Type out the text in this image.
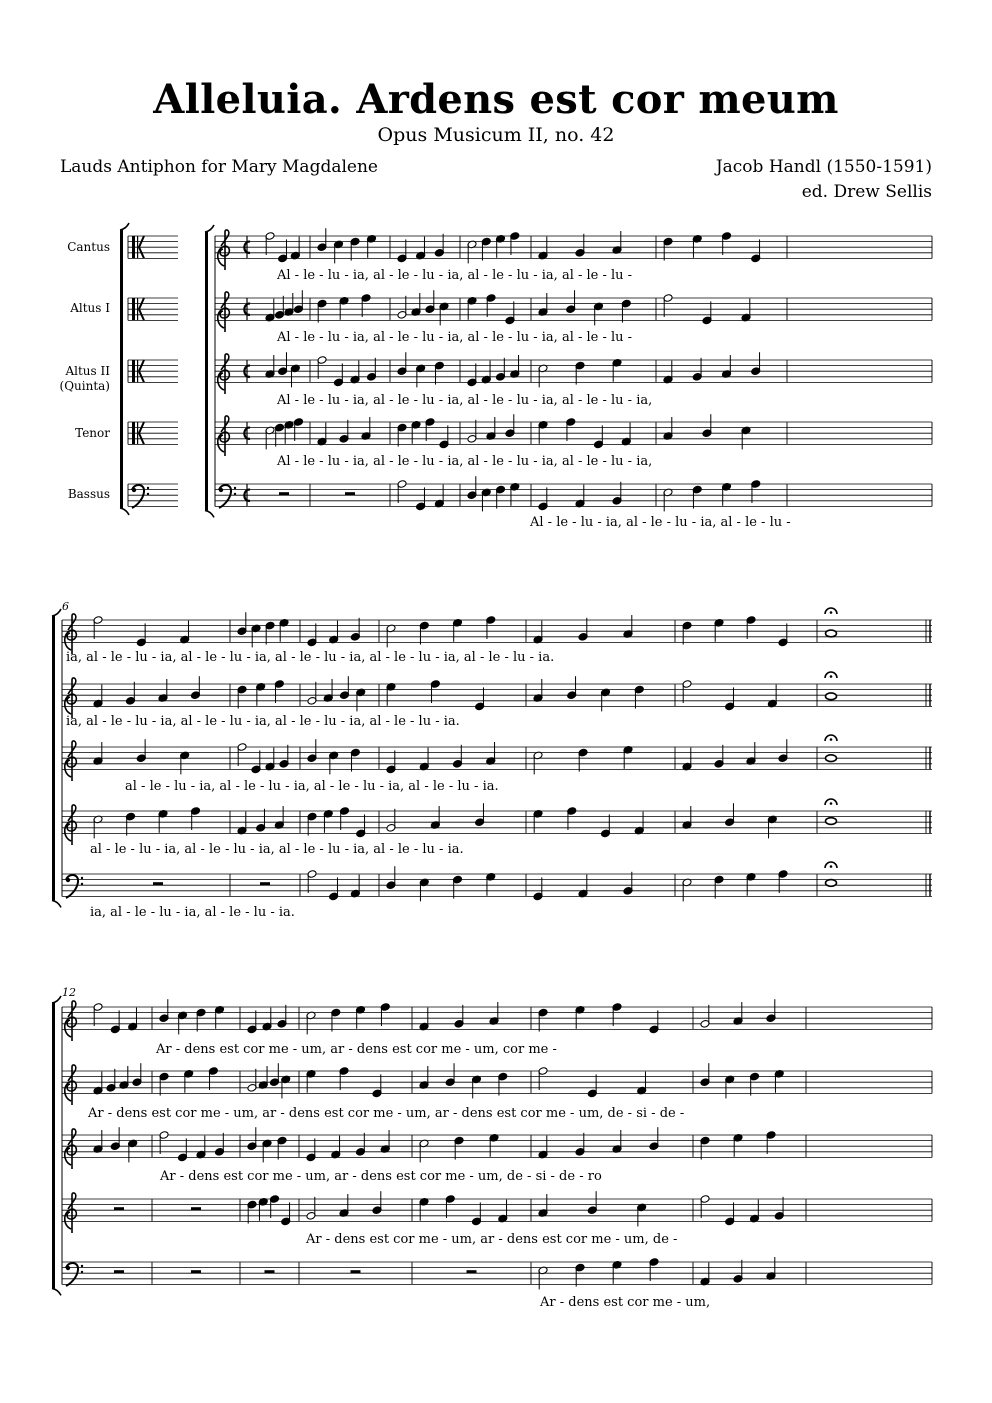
Alleluia. Ardens est cor meum
Opus Musicum II, no. 42
Lauds Antiphon for Mary Magdalene	Jacob Handl (1550-1591)
ed. Drew Sellis
Cantus
Altus I
Altus II
(Quinta)
Tenor
Bassus
Al - le - lu - ia, al - le - lu - ia, al - le - lu - ia, al - le - lu -
Al - le - lu - ia, al - le - lu - ia, al - le - lu - ia, al - le - lu -
Al - le - lu - ia, al - le - lu - ia, al - le - lu - ia, al - le - lu - ia,
Al - le - lu - ia, al - le - lu - ia, al - le - lu - ia, al - le - lu - ia,
Al - le - lu - ia, al - le - lu - ia, al - le - lu -
ia, al - le - lu - ia, al - le - lu - ia, al - le - lu - ia, al - le - lu - ia, al - le - lu - ia.
ia, al - le - lu - ia, al - le - lu - ia, al - le - lu - ia, al - le - lu - ia.
al - le - lu - ia, al - le - lu - ia, al - le - lu - ia, al - le - lu - ia.
al - le - lu - ia, al - le - lu - ia, al - le - lu - ia, al - le - lu - ia.
ia, al - le - lu - ia, al - le - lu - ia.
Ar - dens est cor me - um, ar - dens est cor me - um, cor me -
Ar - dens est cor me - um, ar - dens est cor me - um, ar - dens est cor me - um, de - si - de -
Ar - dens est cor me - um, ar - dens est cor me - um, de - si - de - ro
Ar - dens est cor me - um, ar - dens est cor me - um, de -
Ar - dens est cor me - um,
6
12
